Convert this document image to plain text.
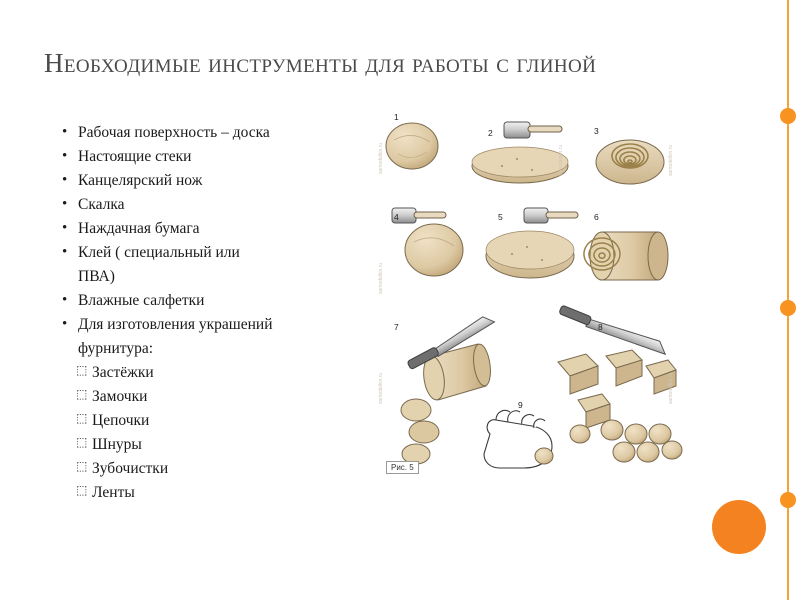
Необходимые инструменты для работы с глиной
• Рабочая поверхность – доска
• Настоящие стеки
• Канцелярский нож
• Скалка
• Наждачная бумага
• Клей ( специальный или
ПВА)
• Влажные салфетки
• Для изготовления украшений
фурнитура:
⬚ Застёжки
⬚ Замочки
⬚ Цепочки
⬚ Шнуры
⬚ Зубочистки
⬚ Ленты
1
2	3
4	5	6
7	8
9
samodelkin.ru
samodelkin.ru
samodelkin.ru
samodelkin.ru	samodelkin.ru
samodelkin.ru
Рис. 5
